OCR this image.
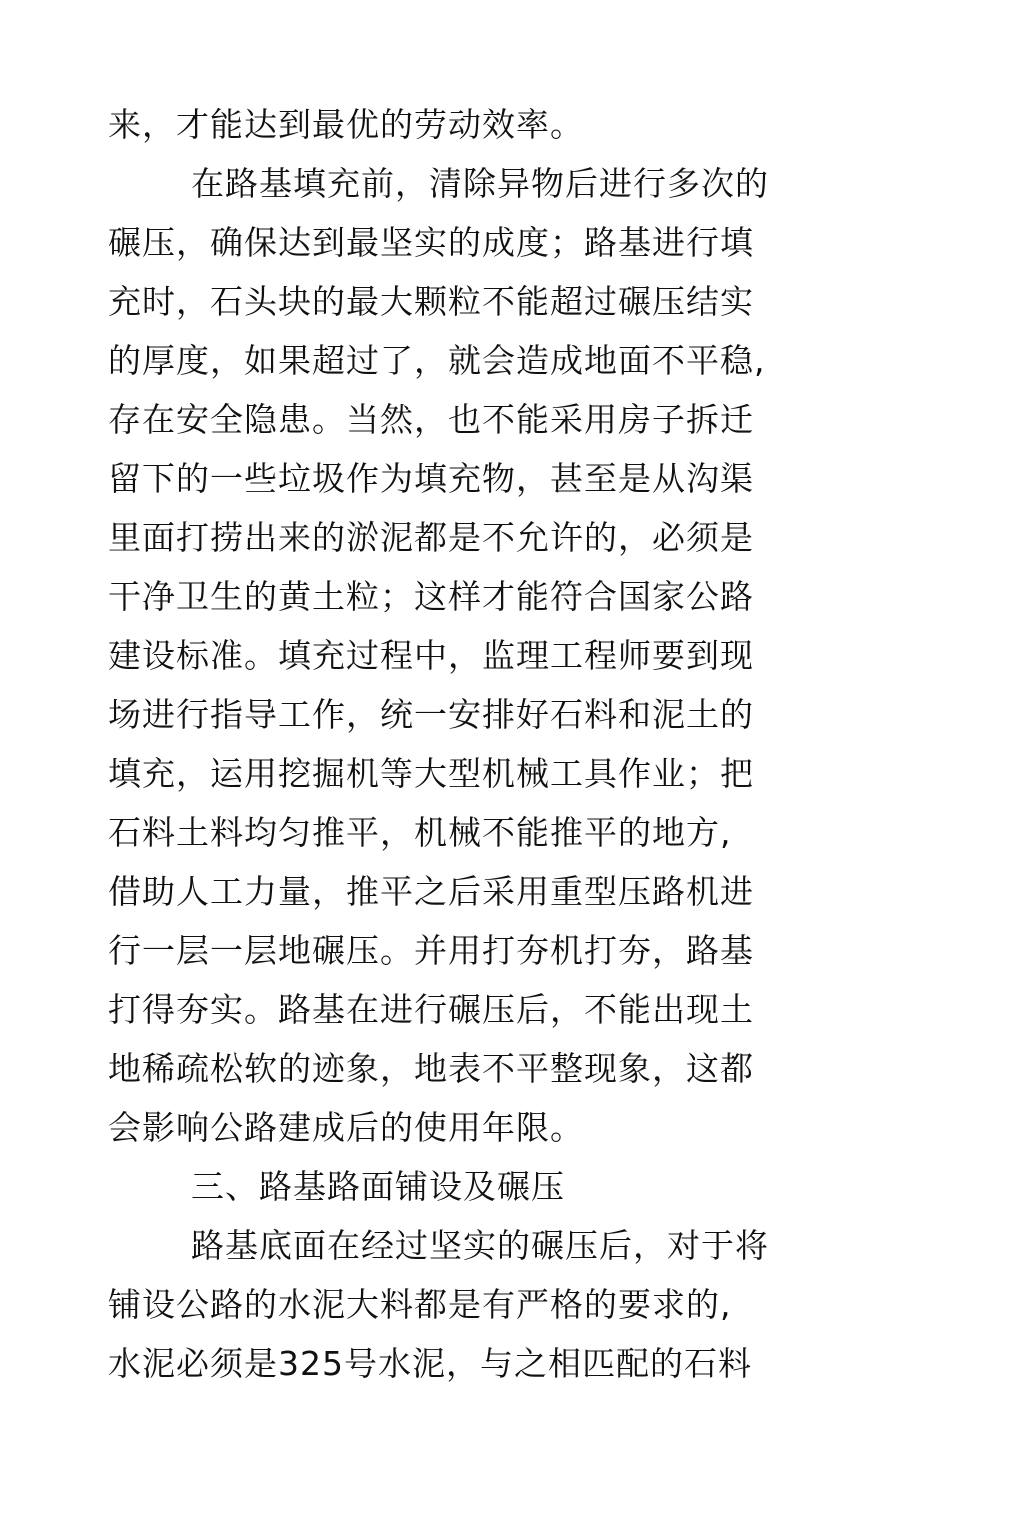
来，才能达到最优的劳动效率。
在路基填充前，清除异物后进行多次的
碾压，确保达到最坚实的成度；路基进行填
充时，石头块的最大颗粒不能超过碾压结实
的厚度，如果超过了，就会造成地面不平稳,
存在安全隐患。当然，也不能采用房子拆迁
留下的一些垃圾作为填充物，甚至是从沟渠
里面打捞出来的淤泥都是不允许的，必须是
干净卫生的黄土粒；这样才能符合国家公路
建设标准。填充过程中，监理工程师要到现
场进行指导工作，统一安排好石料和泥土的
填充，运用挖掘机等大型机械工具作业；把
石料土料均匀推平，机械不能推平的地方,
借助人工力量，推平之后采用重型压路机进
行一层一层地碾压。并用打夯机打夯，路基
打得夯实。路基在进行碾压后，不能出现土
地稀疏松软的迹象，地表不平整现象，这都
会影响公路建成后的使用年限。
三、路基路面铺设及碾压
路基底面在经过坚实的碾压后，对于将
铺设公路的水泥大料都是有严格的要求的,
水泥必须是325号水泥，与之相匹配的石料
